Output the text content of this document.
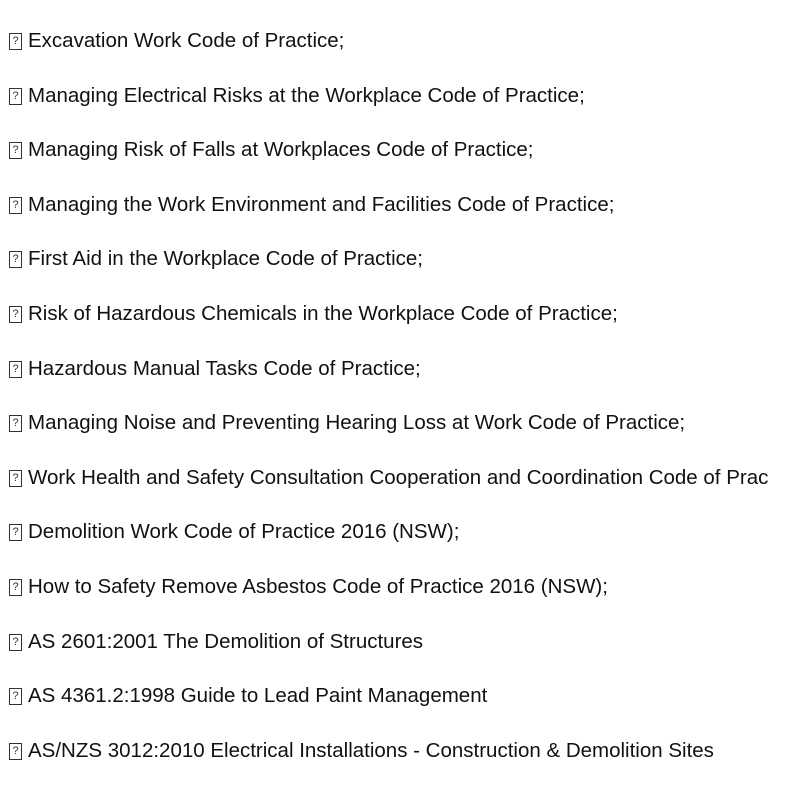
? Excavation Work Code of Practice;
? Managing Electrical Risks at the Workplace Code of Practice;
? Managing Risk of Falls at Workplaces Code of Practice;
? Managing the Work Environment and Facilities Code of Practice;
? First Aid in the Workplace Code of Practice;
? Risk of Hazardous Chemicals in the Workplace Code of Practice;
? Hazardous Manual Tasks Code of Practice;
? Managing Noise and Preventing Hearing Loss at Work Code of Practice;
? Work Health and Safety Consultation Cooperation and Coordination Code of Prac
? Demolition Work Code of Practice 2016 (NSW);
? How to Safety Remove Asbestos Code of Practice 2016 (NSW);
? AS 2601:2001 The Demolition of Structures
? AS 4361.2:1998 Guide to Lead Paint Management
? AS/NZS 3012:2010 Electrical Installations - Construction & Demolition Sites
